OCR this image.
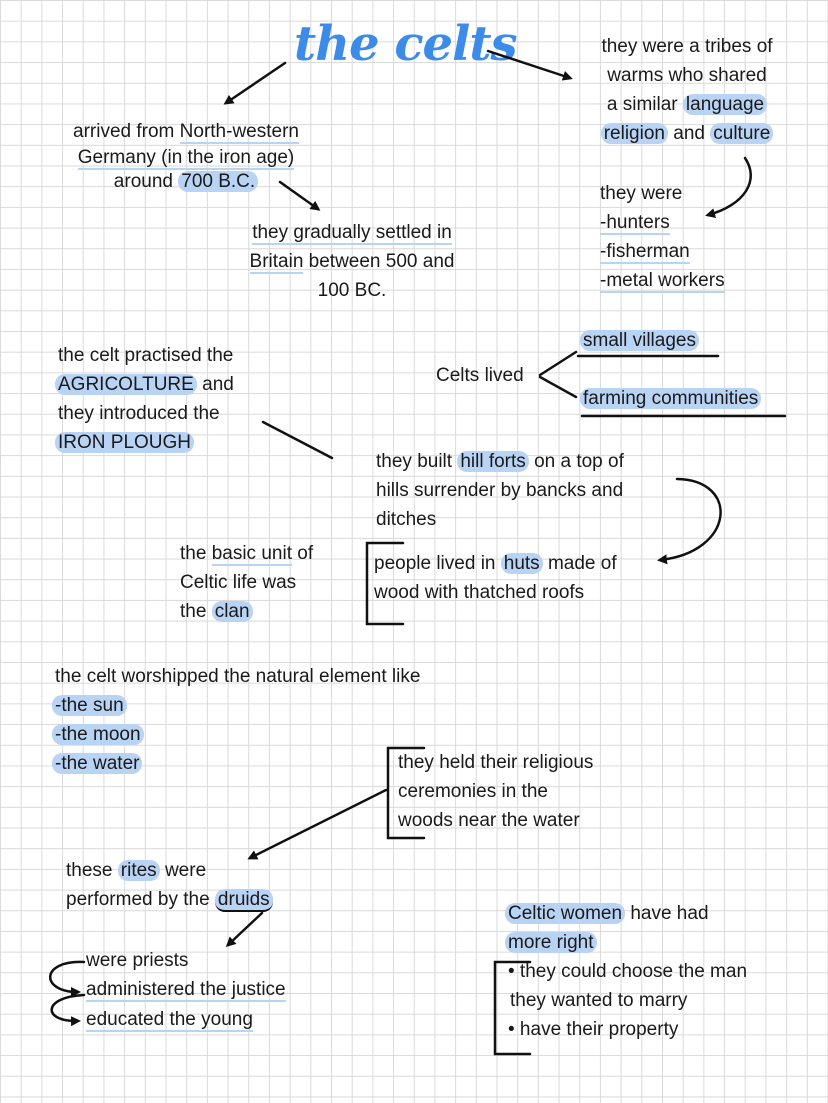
the celts
arrived from North-western
Germany (in the iron age)
around 700 B.C.
they gradually settled in
Britain between 500 and
100 BC.
they were a tribes of
warms who shared
a similar language
religion and culture
they were
-hunters
-fisherman
-metal workers
Celts lived
small villages
farming communities
the celt practised the
AGRICOLTURE and
they introduced the
IRON PLOUGH
they built hill forts on a top of
hills surrender by bancks and
ditches
the basic unit of
Celtic life was
the clan
people lived in huts made of
wood with thatched roofs
the celt worshipped the natural element like
-the sun
-the moon
-the water	they held their religious
ceremonies in the
woods near the water
these rites were
performed by the druids
were priests
administered the justice
educated the young
Celtic women have had
more right
• they could choose the man
they wanted to marry
• have their property
